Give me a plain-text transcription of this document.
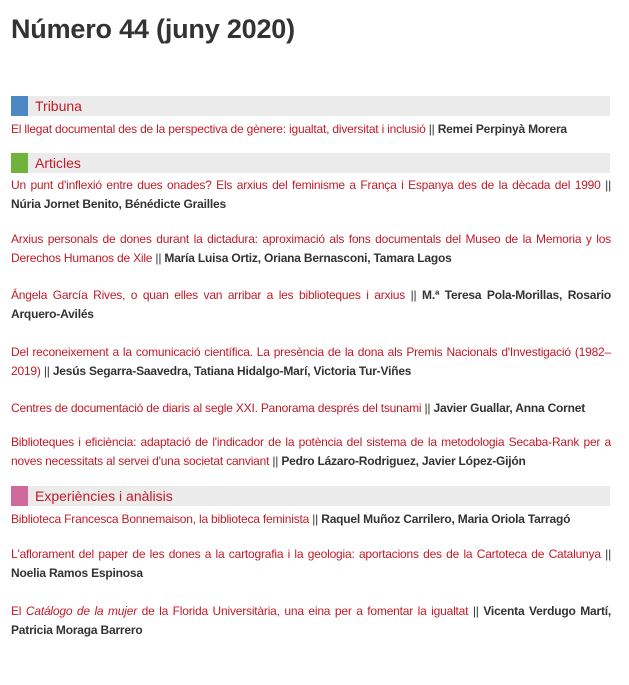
Número 44 (juny 2020)
Tribuna
El llegat documental des de la perspectiva de gènere: igualtat, diversitat i inclusió || Remei Perpinyà Morera
Articles
Un punt d'inflexió entre dues onades? Els arxius del feminisme a França i Espanya des de la dècada del 1990 || Núria Jornet Benito, Bénédicte Grailles
Arxius personals de dones durant la dictadura: aproximació als fons documentals del Museo de la Memoria y los Derechos Humanos de Xile || María Luisa Ortiz, Oriana Bernasconi, Tamara Lagos
Ángela García Rives, o quan elles van arribar a les biblioteques i arxius || M.ª Teresa Pola-Morillas, Rosario Arquero-Avilés
Del reconeixement a la comunicació científica. La presència de la dona als Premis Nacionals d'Investigació (1982–2019) || Jesús Segarra-Saavedra, Tatiana Hidalgo-Marí, Victoria Tur-Viñes
Centres de documentació de diaris al segle XXI. Panorama després del tsunami || Javier Guallar, Anna Cornet
Biblioteques i eficiència: adaptació de l'indicador de la potència del sistema de la metodologia Secaba-Rank per a noves necessitats al servei d'una societat canviant || Pedro Lázaro-Rodriguez, Javier López-Gijón
Experiències i anàlisis
Biblioteca Francesca Bonnemaison, la biblioteca feminista || Raquel Muñoz Carrilero, Maria Oriola Tarragó
L'aflorament del paper de les dones a la cartografia i la geologia: aportacions des de la Cartoteca de Catalunya || Noelia Ramos Espinosa
El Catálogo de la mujer de la Florida Universitària, una eina per a fomentar la igualtat || Vicenta Verdugo Martí, Patricia Moraga Barrero
